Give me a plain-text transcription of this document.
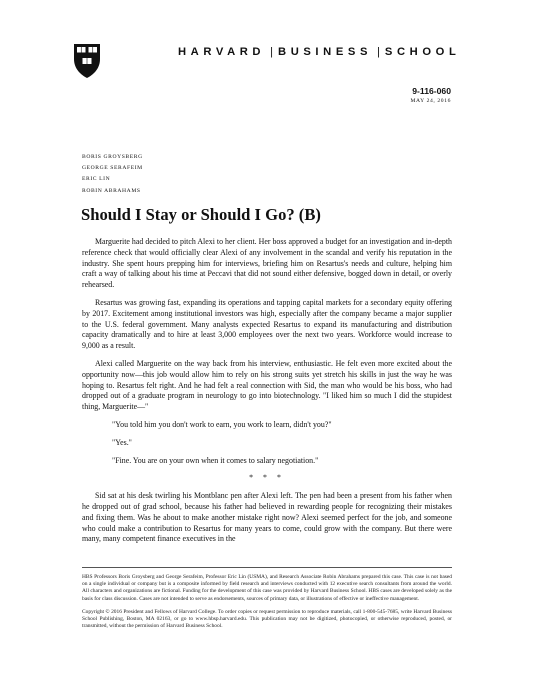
HARVARD | BUSINESS | SCHOOL
9-116-060
MAY 24, 2016
BORIS GROYSBERG
GEORGE SERAFEIM
ERIC LIN
ROBIN ABRAHAMS
Should I Stay or Should I Go? (B)

Marguerite had decided to pitch Alexi to her client. Her boss approved a budget for an investigation and in-depth reference check that would officially clear Alexi of any involvement in the scandal and verify his reputation in the industry. She spent hours prepping him for interviews, briefing him on Resartus's needs and culture, helping him craft a way of talking about his time at Peccavi that did not sound either defensive, bogged down in detail, or overly rehearsed.

Resartus was growing fast, expanding its operations and tapping capital markets for a secondary equity offering by 2017. Excitement among institutional investors was high, especially after the company became a major supplier to the U.S. federal government. Many analysts expected Resartus to expand its manufacturing and distribution capacity dramatically and to hire at least 3,000 employees over the next two years. Workforce would increase to 9,000 as a result.

Alexi called Marguerite on the way back from his interview, enthusiastic. He felt even more excited about the opportunity now—this job would allow him to rely on his strong suits yet stretch his skills in just the way he was hoping to. Resartus felt right. And he had felt a real connection with Sid, the man who would be his boss, who had dropped out of a graduate program in neurology to go into biotechnology. "I liked him so much I did the stupidest thing, Marguerite—"

"You told him you don't work to earn, you work to learn, didn't you?"

"Yes."

"Fine. You are on your own when it comes to salary negotiation."

* * *

Sid sat at his desk twirling his Montblanc pen after Alexi left. The pen had been a present from his father when he dropped out of grad school, because his father had believed in rewarding people for recognizing their mistakes and fixing them. Was he about to make another mistake right now? Alexi seemed perfect for the job, and someone who could make a contribution to Resartus for many years to come, could grow with the company. But there were many, many competent finance executives in the

HBS Professors Boris Groysberg and George Serafeim, Professor Eric Lin (USMA), and Research Associate Robin Abrahams prepared this case. This case is not based on a single individual or company but is a composite informed by field research and interviews conducted with 12 executive search consultants from around the world. All characters and organizations are fictional. Funding for the development of this case was provided by Harvard Business School. HBS cases are developed solely as the basis for class discussion. Cases are not intended to serve as endorsements, sources of primary data, or illustrations of effective or ineffective management.

Copyright © 2016 President and Fellows of Harvard College. To order copies or request permission to reproduce materials, call 1-800-545-7685, write Harvard Business School Publishing, Boston, MA 02163, or go to www.hbsp.harvard.edu. This publication may not be digitized, photocopied, or otherwise reproduced, posted, or transmitted, without the permission of Harvard Business School.
